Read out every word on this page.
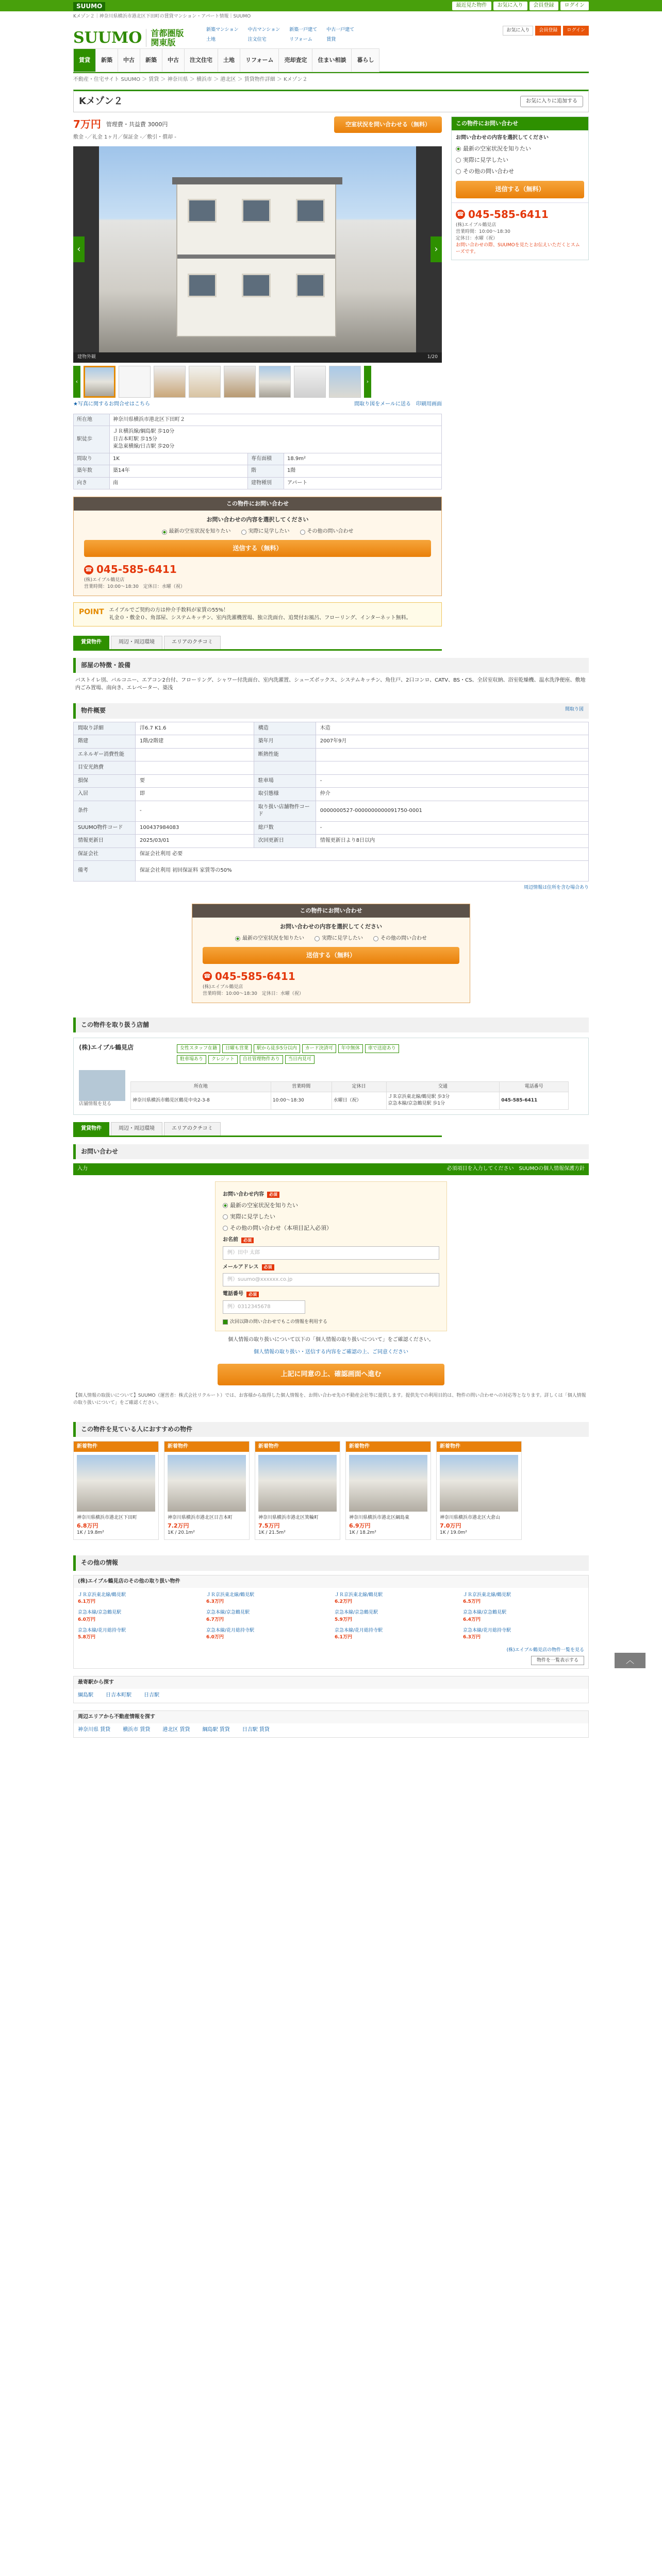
SUUMO	最近見た物件	お気に入り	会員登録	ログイン
Kメゾン２｜神奈川県横浜市港北区下田町の賃貸マンション・アパート情報｜SUUMO
SUUMO	首都圏版
関東版
新築マンション 中古マンション 新築一戸建て 中古一戸建て
土地	注文住宅	リフォーム	賃貸
お気に入り	会員登録	ログイン
賃貸	新築	中古	新築	中古	注文住宅	土地	リフォーム	売却査定	住まい相談	暮らし
不動産・住宅サイト SUUMO ＞ 賃貸 ＞ 神奈川県 ＞ 横浜市 ＞ 港北区 ＞ 賃貸物件詳細 ＞ Kメゾン２
Kメゾン２	お気に入りに追加する
7万円 管理費・共益費 3000円	空室状況を問い合わせる（無料）
敷金 -／礼金 1ヶ月／保証金 -／敷引・償却 -
‹	›
建物外観	1/20
‹	›
★写真に関するお問合せはこちら	間取り図をメールに送る　 印刷用画面
所在地	神奈川県横浜市港北区下田町２		
駅徒歩	ＪＲ横浜線/綱島駅 歩10分
日吉本町駅 歩15分
東急東横線/日吉駅 歩20分		
間取り	1K	専有面積	18.9m²
築年数	築14年	階	1階
向き	南	建物種別	アパート
この物件にお問い合わせ
お問い合わせの内容を選択してください
最新の空室状況を知りたい	実際に見学したい	その他の問い合わせ
送信する（無料）
☎ 045-585-6411
(株)エイブル鶴見店
営業時間：10:00～18:30　定休日：水曜（祝）
POINT エイブルでご契約の方は仲介手数料が家賃の55%！
礼金０・敷金０、角部屋、システムキッチン、室内洗濯機置場、独立洗面台、追焚付お風呂、フローリング、インターネット無料。

この物件にお問い合わせ
お問い合わせの内容を選択してください
最新の空室状況を知りたい
実際に見学したい
その他の問い合わせ
送信する（無料）
☎ 045-585-6411
(株)エイブル鶴見店
営業時間：10:00～18:30
定休日：水曜（祝）
お問い合わせの際、SUUMOを見たとお伝えいただくとスムーズです。
賃貸物件	周辺・周辺環境	エリアのクチコミ
部屋の特徴・設備
バストイレ別、バルコニー、エアコン2台付、フローリング、シャワー付洗面台、室内洗濯置、シューズボックス、システムキッチン、角住戸、2口コンロ、CATV、BS・CS、全居室収納、浴室乾燥機、温水洗浄便座、敷地内ごみ置場、南向き、エレベーター、築浅
物件概要	間取り図
間取り詳細	洋6.7 K1.6	構造	木造
階建	1階/2階建	築年月	2007年9月
エネルギー消費性能		断熱性能	
目安光熱費			
損保	要	駐車場	-
入居	即	取引態様	仲介
条件	-	取り扱い店舗物件コード	0000000527-0000000000091750-0001
SUUMO物件コード	100437984083	総戸数	-
情報更新日	2025/03/01	次回更新日	情報更新日より8日以内
保証会社	保証会社利用 必要		
備考	保証会社利用 初回保証料 家賃等の50%		
周辺情報は住所を含む場合あり
この物件にお問い合わせ
お問い合わせの内容を選択してください
最新の空室状況を知りたい	実際に見学したい	その他の問い合わせ
送信する（無料）
☎ 045-585-6411
(株)エイブル鶴見店
営業時間：10:00～18:30　定休日：水曜（祝）
この物件を取り扱う店舗
(株)エイブル鶴見店	女性スタッフ在籍	日曜も営業	駅から徒歩5分以内	カード決済可	年中無休	車で送迎あり
駐車場あり	クレジット	自社管理物件あり	当日内見可
店舗情報を見る
所在地	営業時間	定休日	交通	電話番号
神奈川県横浜市鶴見区鶴見中央2-3-8	10:00～18:30	水曜日（祝）	ＪＲ京浜東北線/鶴見駅 歩3分
京急本線/京急鶴見駅 歩1分	045-585-6411
賃貸物件	周辺・周辺環境	エリアのクチコミ
お問い合わせ
入力	必須項目を入力してください　SUUMOの個人情報保護方針
お問い合わせ内容	必須
最新の空室状況を知りたい
実際に見学したい
その他の問い合わせ（本項目記入必須）
お名前	必須
例）田中 太郎
メールアドレス	必須
例）suumo@xxxxxx.co.jp
電話番号	必須
例）0312345678
次回以降の問い合わせでもこの情報を利用する
個人情報の取り扱いについて以下の「個人情報の取り扱いについて」をご確認ください。
個人情報の取り扱い・送信する内容をご確認の上、ご同意ください
上記に同意の上、確認画面へ進む
【個人情報の取扱いについて】SUUMO（運営者：株式会社リクルート）では、お客様から取得した個人情報を、お問い合わせ先の不動産会社等に提供します。提供先での利用目的は、物件の問い合わせへの対応等となります。詳しくは「個人情報の取り扱いについて」をご確認ください。
この物件を見ている人におすすめの物件
新着物件
神奈川県横浜市港北区下田町
6.8万円
1K / 19.8m²
新着物件
神奈川県横浜市港北区日吉本町
7.2万円
1K / 20.1m²
新着物件
神奈川県横浜市港北区箕輪町
7.5万円
1K / 21.5m²
新着物件
神奈川県横浜市港北区綱島東
6.9万円
1K / 18.2m²
新着物件
神奈川県横浜市港北区大倉山
7.0万円
1K / 19.0m²
その他の情報
(株)エイブル鶴見店のその他の取り扱い物件
ＪＲ京浜東北線/鶴見駅
6.1万円
ＪＲ京浜東北線/鶴見駅
6.3万円
ＪＲ京浜東北線/鶴見駅
6.2万円
ＪＲ京浜東北線/鶴見駅
6.5万円
京急本線/京急鶴見駅
6.0万円
京急本線/京急鶴見駅
6.7万円
京急本線/京急鶴見駅
5.9万円
京急本線/京急鶴見駅
6.4万円
京急本線/花月総持寺駅
5.8万円
京急本線/花月総持寺駅
6.0万円
京急本線/花月総持寺駅
6.1万円
京急本線/花月総持寺駅
6.3万円
(株)エイブル鶴見店の物件一覧を見る
物件を一覧表示する
最寄駅から探す
綱島駅 日吉本町駅 日吉駅
周辺エリアから不動産情報を探す
神奈川県 賃貸 横浜市 賃貸 港北区 賃貸 綱島駅 賃貸 日吉駅 賃貸
︿
